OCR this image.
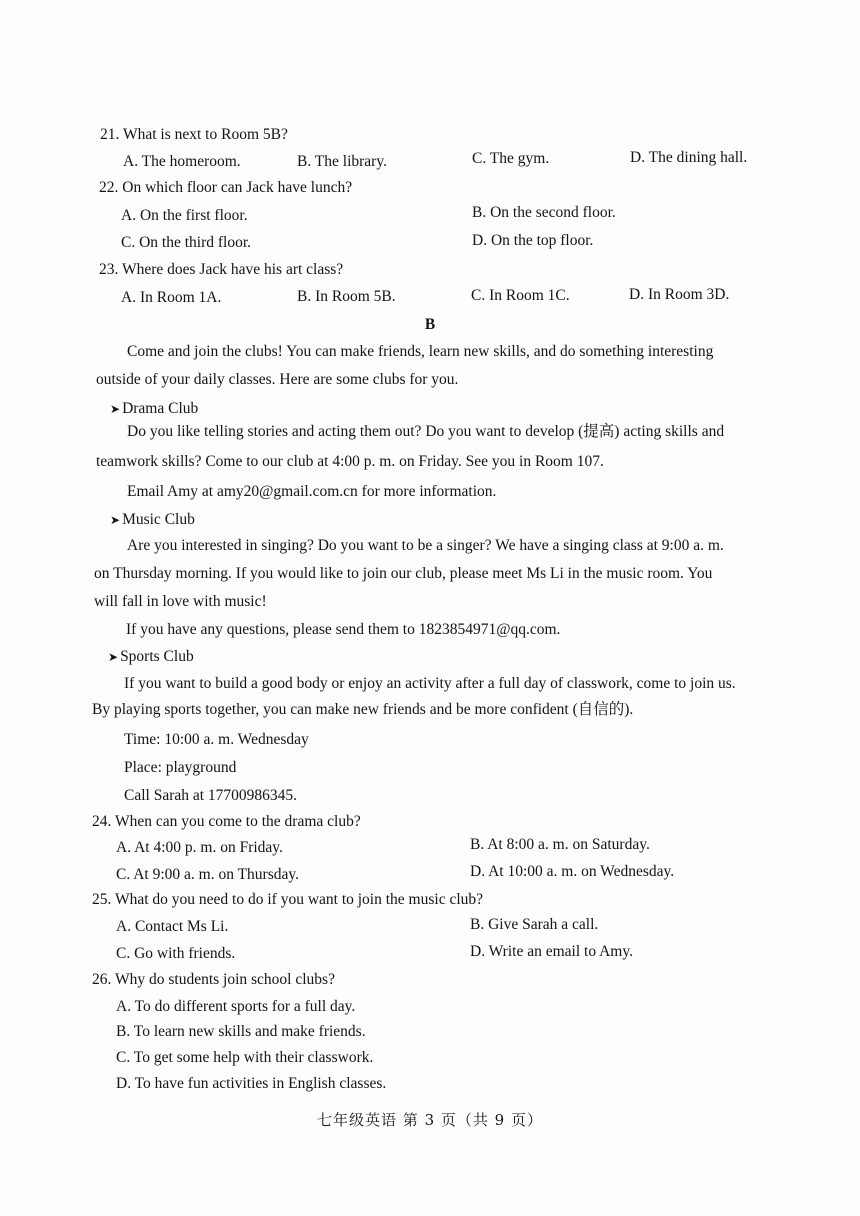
21. What is next to Room 5B?
A. The homeroom.	B. The library.	C. The gym.	D. The dining hall.
22. On which floor can Jack have lunch?
A. On the first floor.	B. On the second floor.
C. On the third floor.	D. On the top floor.
23. Where does Jack have his art class?
A. In Room 1A.	B. In Room 5B.	C. In Room 1C.	D. In Room 3D.
B
Come and join the clubs! You can make friends, learn new skills, and do something interesting
outside of your daily classes. Here are some clubs for you.
➤ Drama Club
Do you like telling stories and acting them out? Do you want to develop (提高) acting skills and
teamwork skills? Come to our club at 4:00 p. m. on Friday. See you in Room 107.
Email Amy at amy20@gmail.com.cn for more information.
➤ Music Club
Are you interested in singing? Do you want to be a singer? We have a singing class at 9:00 a. m.
on Thursday morning. If you would like to join our club, please meet Ms Li in the music room. You
will fall in love with music!
If you have any questions, please send them to 1823854971@qq.com.
➤ Sports Club
If you want to build a good body or enjoy an activity after a full day of classwork, come to join us.
By playing sports together, you can make new friends and be more confident (自信的).
Time: 10:00 a. m. Wednesday
Place: playground
Call Sarah at 17700986345.
24. When can you come to the drama club?
A. At 4:00 p. m. on Friday.	B. At 8:00 a. m. on Saturday.
C. At 9:00 a. m. on Thursday.	D. At 10:00 a. m. on Wednesday.
25. What do you need to do if you want to join the music club?
A. Contact Ms Li.	B. Give Sarah a call.
C. Go with friends.	D. Write an email to Amy.
26. Why do students join school clubs?
A. To do different sports for a full day.
B. To learn new skills and make friends.
C. To get some help with their classwork.
D. To have fun activities in English classes.
七年级英语 第 3 页（共 9 页）
